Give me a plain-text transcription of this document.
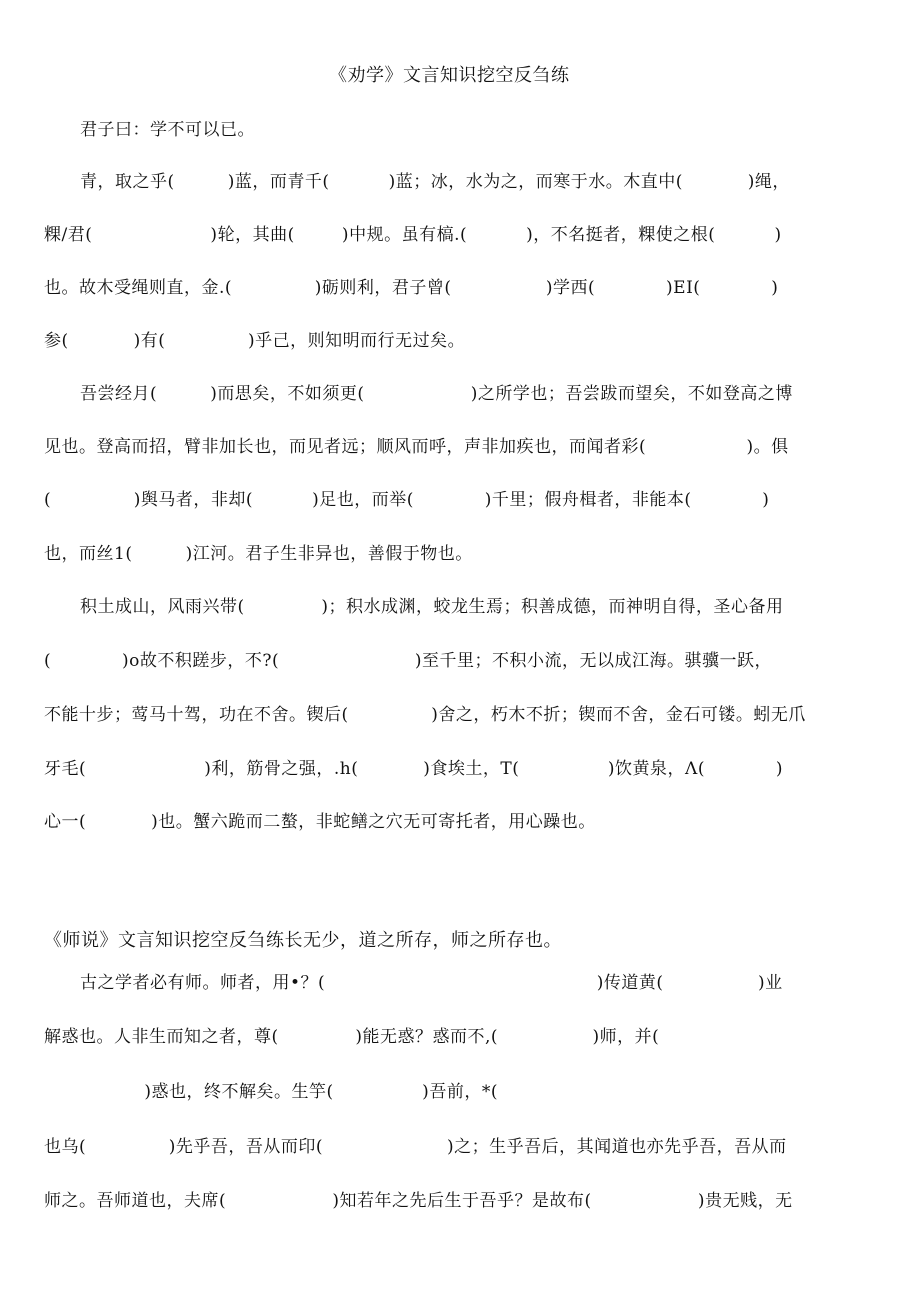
《劝学》文言知识挖空反刍练
君子曰：学不可以已。
青，取之乎(         )蓝，而青千(          )蓝；冰，水为之，而寒于水。木直中(           )绳，
粿/君(                    )轮，其曲(        )中规。虽有槁.(          )，不名挺者，粿使之根(          )
也。故木受绳则直，金.(              )砺则利，君子曾(                )学西(            )EI(            )
参(           )有(              )乎己，则知明而行无过矣。
吾尝经月(         )而思矣，不如须更(                  )之所学也；吾尝跋而望矣，不如登高之博
见也。登高而招，臂非加长也，而见者远；顺风而呼，声非加疾也，而闻者彩(                 )。俱
(              )舆马者，非却(          )足也，而举(            )千里；假舟楫者，非能本(            )
也，而丝1(         )江河。君子生非异也，善假于物也。
积土成山，风雨兴带(             )；积水成渊，蛟龙生焉；积善成德，而神明自得，圣心备用
(            )o故不积蹉步，不?(                       )至千里；不积小流，无以成江海。骐骥一跃，
不能十步；莺马十驾，功在不舍。锲后(              )舍之，朽木不折；锲而不舍，金石可镂。蚓无爪
牙毛(                    )利，筋骨之强，.h(           )食埃土，T(               )饮黄泉，Λ(            )
心一(           )也。蟹六跪而二螯，非蛇鳝之穴无可寄托者，用心躁也。
《师说》文言知识挖空反刍练长无少，道之所存，师之所存也。
古之学者必有师。师者，用•？(                                              )传道黄(                )业
解惑也。人非生而知之者，尊(             )能无惑？惑而不,(                )师，并(
)惑也，终不解矣。生竽(               )吾前，*(
也乌(              )先乎吾，吾从而印(                     )之；生乎吾后，其闻道也亦先乎吾，吾从而
师之。吾师道也，夫席(                  )知若年之先后生于吾乎？是故布(                  )贵无贱，无
